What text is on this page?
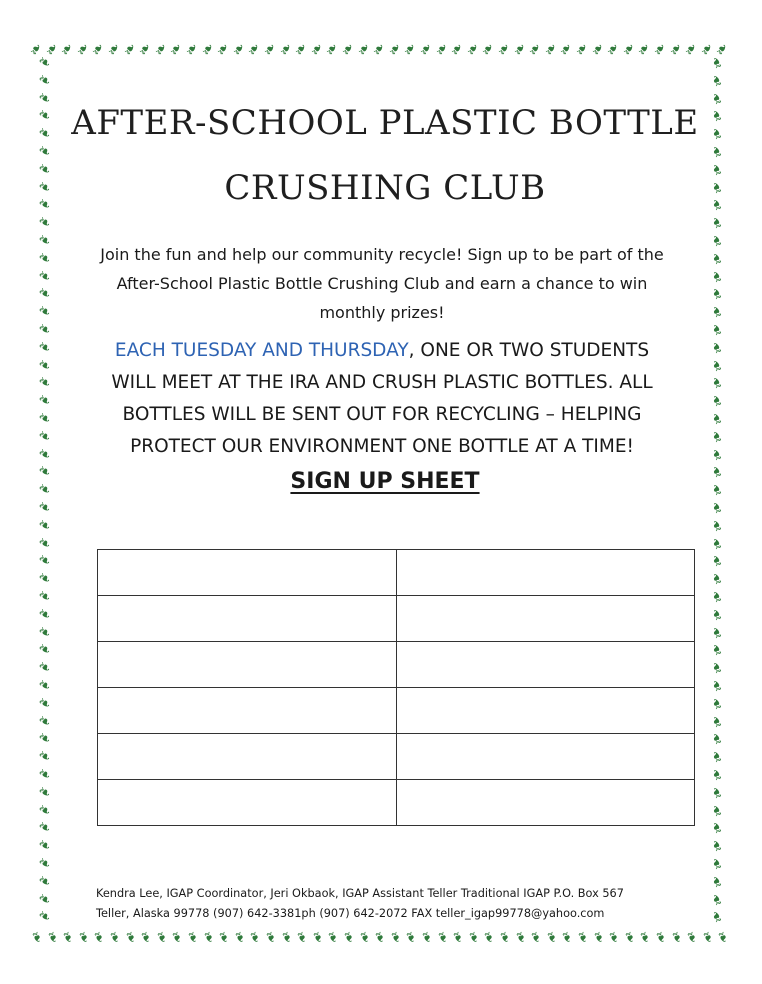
❧
❧
❧
❧
❧
❧
❧
❧
❧
❧
❧
❧
❧
❧
❧
❧
❧
❧
❧
❧
❧
❧
❧
❧
❧
❧
❧
❧
❧
❧
❧
❧
❧
❧
❧
❧
❧
❧
❧
❧
❧
❧
❧
❧
❧
❧
❧
❧
❧
❧
❧
❧
❧
❧
❧
❧
❧
❧
❧
❧
❧
❧
❧
❧
❧
❧
❧
❧
❧
❧
❧
❧
❧
❧
❧
❧
❧
❧
❧
❧
❧
❧
❧
❧
❧
❧
❧
❧
❧
❧
❧
❧
❧
❧
❧
❧
❧
❧
❧
❧
❧
❧
❧
❧
❧
❧
❧
❧
❧
❧
❧
❧
❧
❧
❧
❧
❧
❧
❧
❧
❧
❧
❧
❧
❧
❧
❧
❧
❧
❧
❧
❧
❧
❧
❧
❧
❧
❧
❧
❧
❧
❧
❧
❧
❧
❧
❧
❧
❧
❧
❧
❧
❧
❧
❧
❧
❧
❧
❧
❧
❧
❧
❧
❧
❧
❧
❧
❧
❧
❧
❧
❧
❧
❧
❧
❧
❧
❧
❧
❧
❧
❧
❧
❧
❧
❧
❧
❧
AFTER-SCHOOL PLASTIC BOTTLE
CRUSHING CLUB

Join the fun and help our community recycle! Sign up to be part of the After-School Plastic Bottle Crushing Club and earn a chance to win monthly prizes!

EACH TUESDAY AND THURSDAY, ONE OR TWO STUDENTS WILL MEET AT THE IRA AND CRUSH PLASTIC BOTTLES. ALL BOTTLES WILL BE SENT OUT FOR RECYCLING – HELPING PROTECT OUR ENVIRONMENT ONE BOTTLE AT A TIME!

SIGN UP SHEET

Kendra Lee, IGAP Coordinator, Jeri Okbaok, IGAP Assistant Teller Traditional IGAP P.O. Box 567
Teller, Alaska 99778 (907) 642-3381ph (907) 642-2072 FAX teller_igap99778@yahoo.com
